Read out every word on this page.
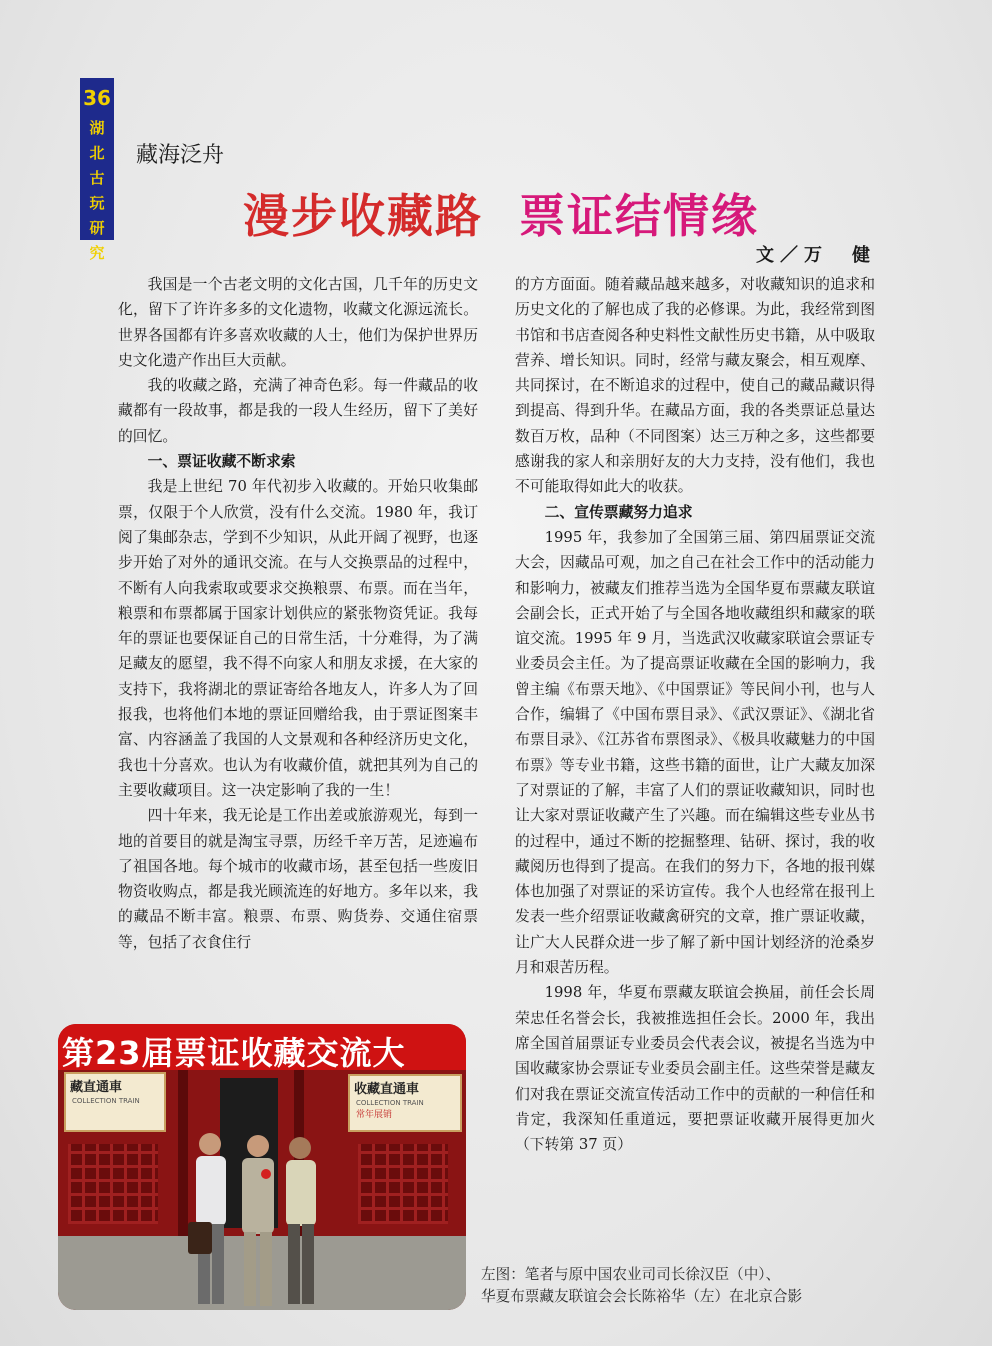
36
湖北古玩研究
藏海泛舟
漫步收藏路 票证结情缘
文／万　健

我国是一个古老文明的文化古国，几千年的历史文化，留下了许许多多的文化遗物，收藏文化源远流长。世界各国都有许多喜欢收藏的人士，他们为保护世界历史文化遗产作出巨大贡献。

我的收藏之路，充满了神奇色彩。每一件藏品的收藏都有一段故事，都是我的一段人生经历，留下了美好的回忆。

一、票证收藏不断求索

我是上世纪 70 年代初步入收藏的。开始只收集邮票，仅限于个人欣赏，没有什么交流。1980 年，我订阅了集邮杂志，学到不少知识，从此开阔了视野，也逐步开始了对外的通讯交流。在与人交换票品的过程中，不断有人向我索取或要求交换粮票、布票。而在当年，粮票和布票都属于国家计划供应的紧张物资凭证。我每年的票证也要保证自己的日常生活，十分难得，为了满足藏友的愿望，我不得不向家人和朋友求援，在大家的支持下，我将湖北的票证寄给各地友人，许多人为了回报我，也将他们本地的票证回赠给我，由于票证图案丰富、内容涵盖了我国的人文景观和各种经济历史文化，我也十分喜欢。也认为有收藏价值，就把其列为自己的主要收藏项目。这一决定影响了我的一生！

四十年来，我无论是工作出差或旅游观光，每到一地的首要目的就是淘宝寻票，历经千辛万苦，足迹遍布了祖国各地。每个城市的收藏市场，甚至包括一些废旧物资收购点，都是我光顾流连的好地方。多年以来，我的藏品不断丰富。粮票、布票、购货券、交通住宿票等，包括了衣食住行

的方方面面。随着藏品越来越多，对收藏知识的追求和历史文化的了解也成了我的必修课。为此，我经常到图书馆和书店查阅各种史料性文献性历史书籍，从中吸取营养、增长知识。同时，经常与藏友聚会，相互观摩、共同探讨，在不断追求的过程中，使自己的藏品藏识得到提高、得到升华。在藏品方面，我的各类票证总量达数百万枚，品种（不同图案）达三万种之多，这些都要感谢我的家人和亲朋好友的大力支持，没有他们，我也不可能取得如此大的收获。

二、宣传票藏努力追求

1995 年，我参加了全国第三届、第四届票证交流大会，因藏品可观，加之自己在社会工作中的活动能力和影响力，被藏友们推荐当选为全国华夏布票藏友联谊会副会长，正式开始了与全国各地收藏组织和藏家的联谊交流。1995 年 9 月，当选武汉收藏家联谊会票证专业委员会主任。为了提高票证收藏在全国的影响力，我曾主编《布票天地》、《中国票证》等民间小刊，也与人合作，编辑了《中国布票目录》、《武汉票证》、《湖北省布票目录》、《江苏省布票图录》、《极具收藏魅力的中国布票》等专业书籍，这些书籍的面世，让广大藏友加深了对票证的了解，丰富了人们的票证收藏知识，同时也让大家对票证收藏产生了兴趣。而在编辑这些专业丛书的过程中，通过不断的挖掘整理、钻研、探讨，我的收藏阅历也得到了提高。在我们的努力下，各地的报刊媒体也加强了对票证的采访宣传。我个人也经常在报刊上发表一些介绍票证收藏禽研究的文章，推广票证收藏，让广大人民群众进一步了解了新中国计划经济的沧桑岁月和艰苦历程。

1998 年，华夏布票藏友联谊会换届，前任会长周荣忠任名誉会长，我被推选担任会长。2000 年，我出席全国首届票证专业委员会代表会议，被提名当选为中国收藏家协会票证专业委员会副主任。这些荣誉是藏友们对我在票证交流宣传活动工作中的贡献的一种信任和肯定，我深知任重道远，要把票证收藏开展得更加火（下转第 37 页）

藏直通車
COLLECTION TRAIN
收藏直通車
COLLECTION TRAIN
常年展销
第23届票证收藏交流大
左图：笔者与原中国农业司司长徐汉臣（中）、
华夏布票藏友联谊会会长陈裕华（左）在北京合影
